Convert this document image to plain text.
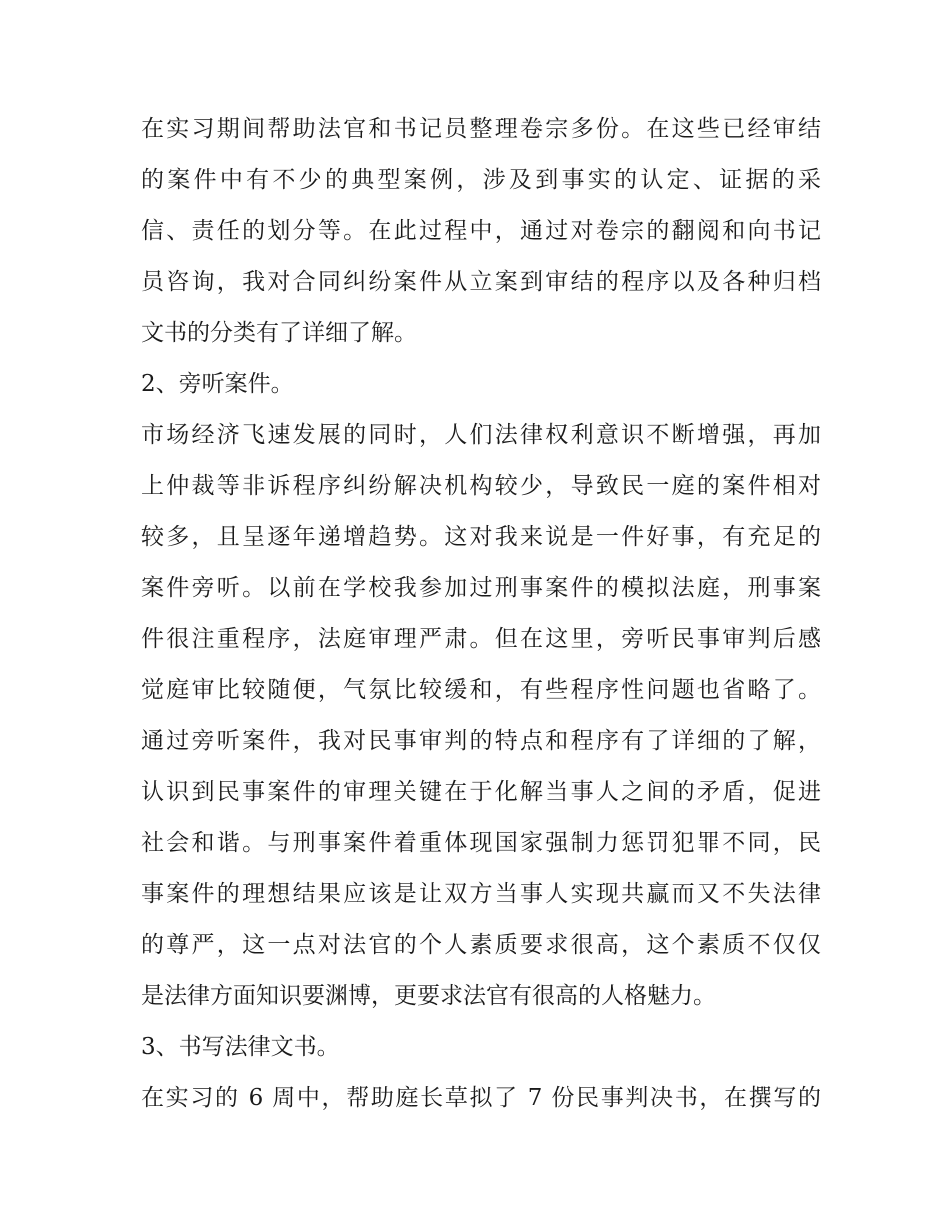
在实习期间帮助法官和书记员整理卷宗多份。在这些已经审结
的案件中有不少的典型案例，涉及到事实的认定、证据的采
信、责任的划分等。在此过程中，通过对卷宗的翻阅和向书记
员咨询，我对合同纠纷案件从立案到审结的程序以及各种归档
文书的分类有了详细了解。
2、旁听案件。
市场经济飞速发展的同时，人们法律权利意识不断增强，再加
上仲裁等非诉程序纠纷解决机构较少，导致民一庭的案件相对
较多，且呈逐年递增趋势。这对我来说是一件好事，有充足的
案件旁听。以前在学校我参加过刑事案件的模拟法庭，刑事案
件很注重程序，法庭审理严肃。但在这里，旁听民事审判后感
觉庭审比较随便，气氛比较缓和，有些程序性问题也省略了。
通过旁听案件，我对民事审判的特点和程序有了详细的了解，
认识到民事案件的审理关键在于化解当事人之间的矛盾，促进
社会和谐。与刑事案件着重体现国家强制力惩罚犯罪不同，民
事案件的理想结果应该是让双方当事人实现共赢而又不失法律
的尊严，这一点对法官的个人素质要求很高，这个素质不仅仅
是法律方面知识要渊博，更要求法官有很高的人格魅力。
3、书写法律文书。
在实习的 6 周中，帮助庭长草拟了 7 份民事判决书，在撰写的
